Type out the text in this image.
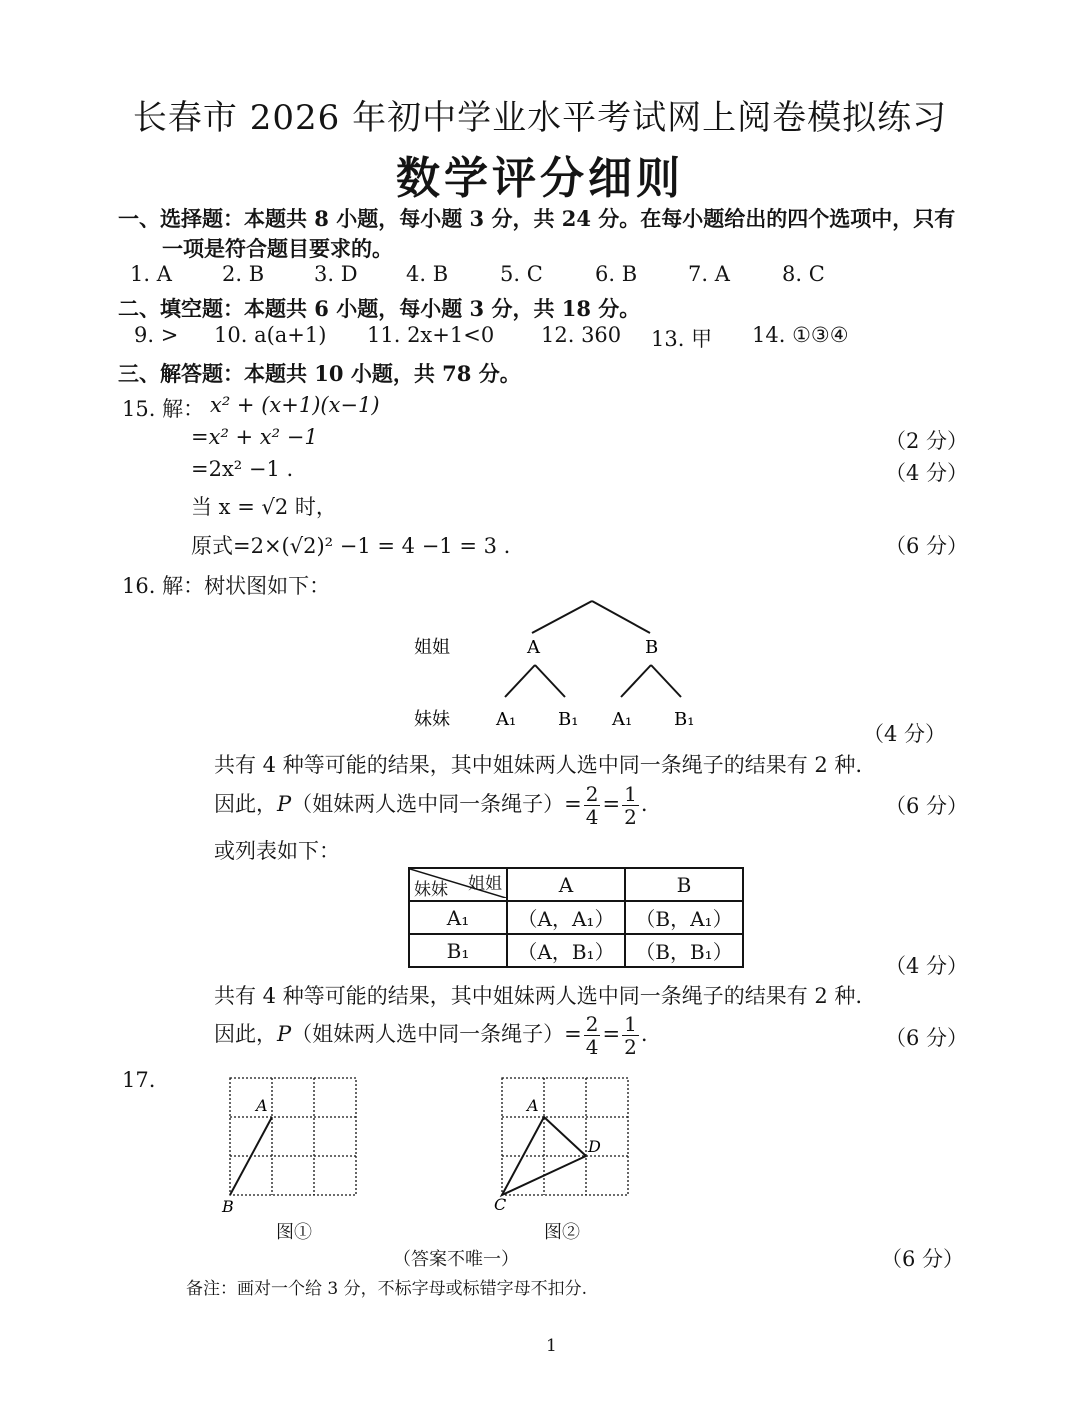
长春市 2026 年初中学业水平考试网上阅卷模拟练习
数学评分细则
一、选择题：本题共 8 小题，每小题 3 分，共 24 分。在每小题给出的四个选项中，只有
一项是符合题目要求的。
1. A 2. B 3. D 4. B 5. C 6. B 7. A 8. C
二、填空题：本题共 6 小题，每小题 3 分，共 18 分。
9. > 10. a(a+1) 11. 2x+1<0 12. 360 13. 甲 14. ①③④
三、解答题：本题共 10 小题，共 78 分。
15. 解： x² + (x+1)(x−1)
=x² + x² −1	（2 分）
=2x² −1 .	（4 分）
当 x = √2 时，
原式=2×(√2)² −1 = 4 −1 = 3 .	（6 分）
16. 解：树状图如下：
姐姐
妹妹
A	B
A₁ B₁ A₁ B₁
（4 分）
共有 4 种等可能的结果，其中姐妹两人选中同一条绳子的结果有 2 种.
因此，P（姐妹两人选中同一条绳子）= $\frac{2}{4} = \frac{1}{2}$ .	（6 分）
或列表如下：
姐姐
妹妹	A	B
A₁	（A，A₁）	（B，A₁）
B₁	（A，B₁）	（B，B₁）
（4 分）
共有 4 种等可能的结果，其中姐妹两人选中同一条绳子的结果有 2 种.
因此，P（姐妹两人选中同一条绳子）= $\frac{2}{4} = \frac{1}{2}$ .	（6 分）
17.
A
B
图①
A
D
C
图②
（答案不唯一）	（6 分）
备注：画对一个给 3 分，不标字母或标错字母不扣分.
1
